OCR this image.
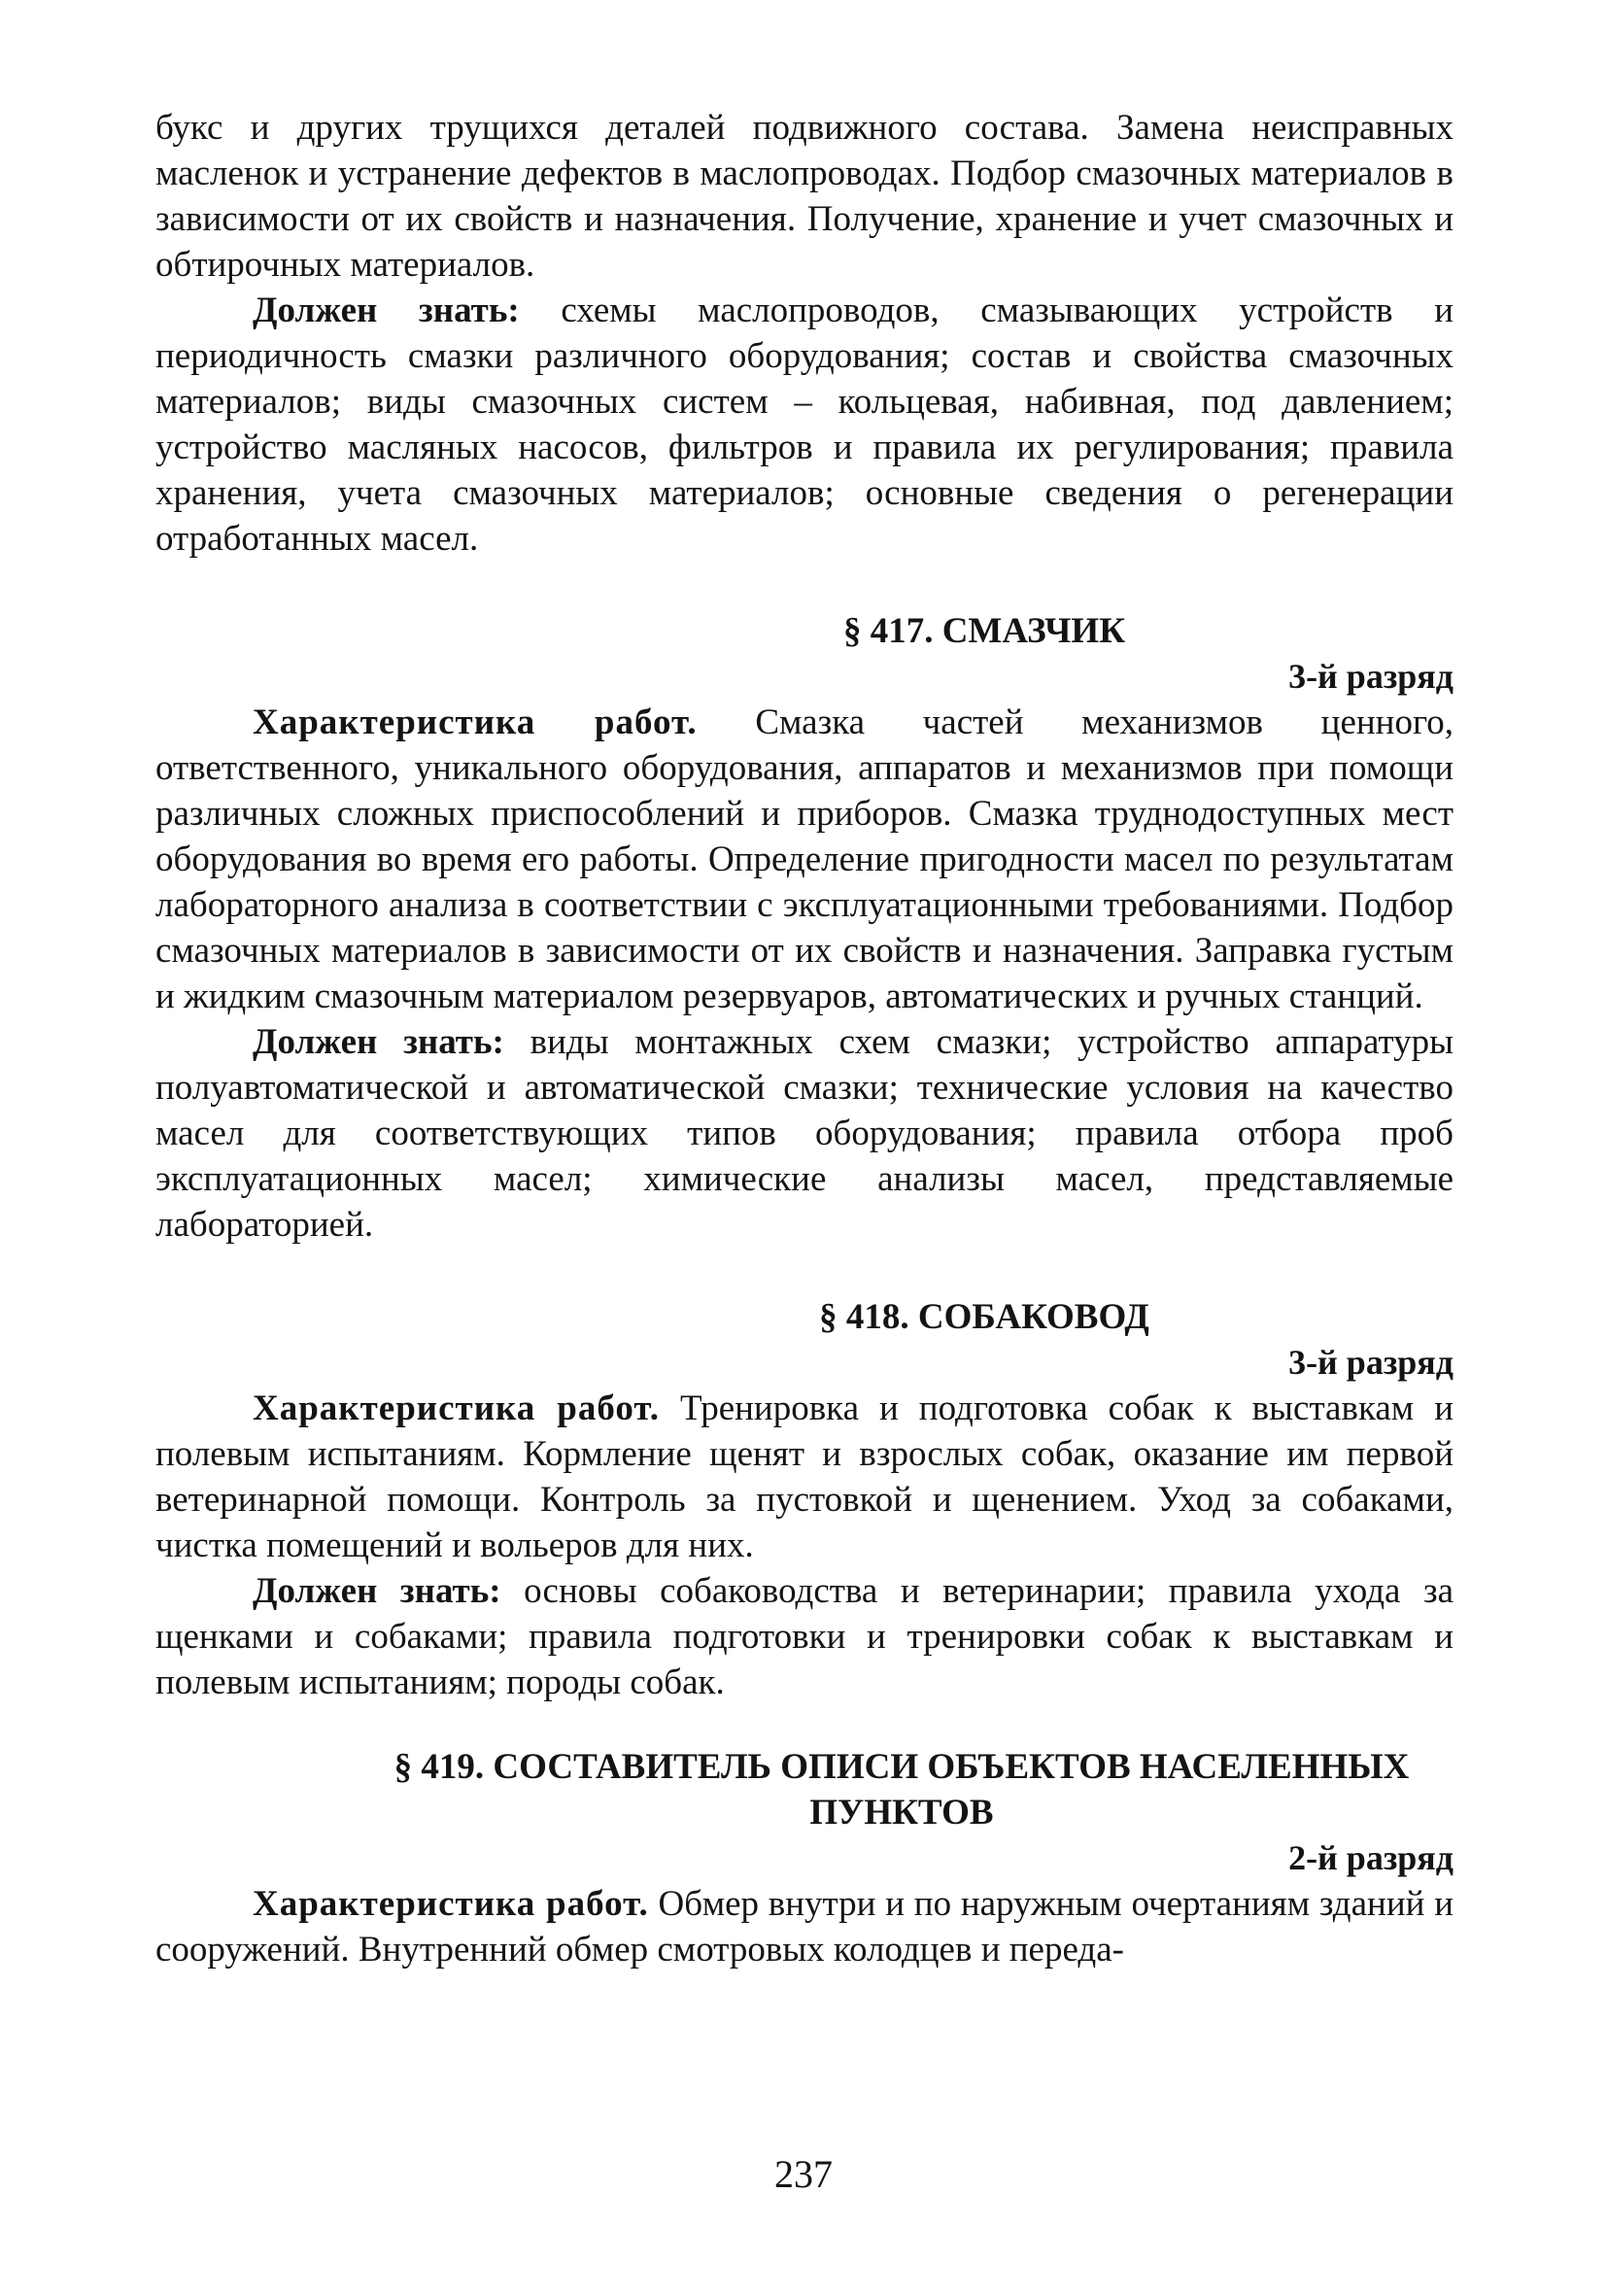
букс и других трущихся деталей подвижного состава. Замена неисправных масленок и устранение дефектов в маслопроводах. Подбор смазочных материалов в зависимости от их свойств и назначения. Получение, хранение и учет смазочных и обтирочных материалов.

Должен знать: схемы маслопроводов, смазывающих устройств и периодичность смазки различного оборудования; состав и свойства смазочных материалов; виды смазочных систем – кольцевая, набивная, под давлением; устройство масляных насосов, фильтров и правила их регулирования; правила хранения, учета смазочных материалов; основные сведения о регенерации отработанных масел.

§ 417. СМАЗЧИК
3-й разряд

Характеристика работ. Смазка частей механизмов ценного, ответственного, уникального оборудования, аппаратов и механизмов при помощи различных сложных приспособлений и приборов. Смазка труднодоступных мест оборудования во время его работы. Определение пригодности масел по результатам лабораторного анализа в соответствии с эксплуатационными требованиями. Подбор смазочных материалов в зависимости от их свойств и назначения. Заправка густым и жидким смазочным материалом резервуаров, автоматических и ручных станций.

Должен знать: виды монтажных схем смазки; устройство аппаратуры полуавтоматической и автоматической смазки; технические условия на качество масел для соответствующих типов оборудования; правила отбора проб эксплуатационных масел; химические анализы масел, представляемые лабораторией.

§ 418. СОБАКОВОД
3-й разряд

Характеристика работ. Тренировка и подготовка собак к выставкам и полевым испытаниям. Кормление щенят и взрослых собак, оказание им первой ветеринарной помощи. Контроль за пустовкой и щенением. Уход за собаками, чистка помещений и вольеров для них.

Должен знать: основы собаководства и ветеринарии; правила ухода за щенками и собаками; правила подготовки и тренировки собак к выставкам и полевым испытаниям; породы собак.

§ 419. СОСТАВИТЕЛЬ ОПИСИ ОБЪЕКТОВ НАСЕЛЕННЫХ ПУНКТОВ
2-й разряд

Характеристика работ. Обмер внутри и по наружным очертаниям зданий и сооружений. Внутренний обмер смотровых колодцев и переда-

237
